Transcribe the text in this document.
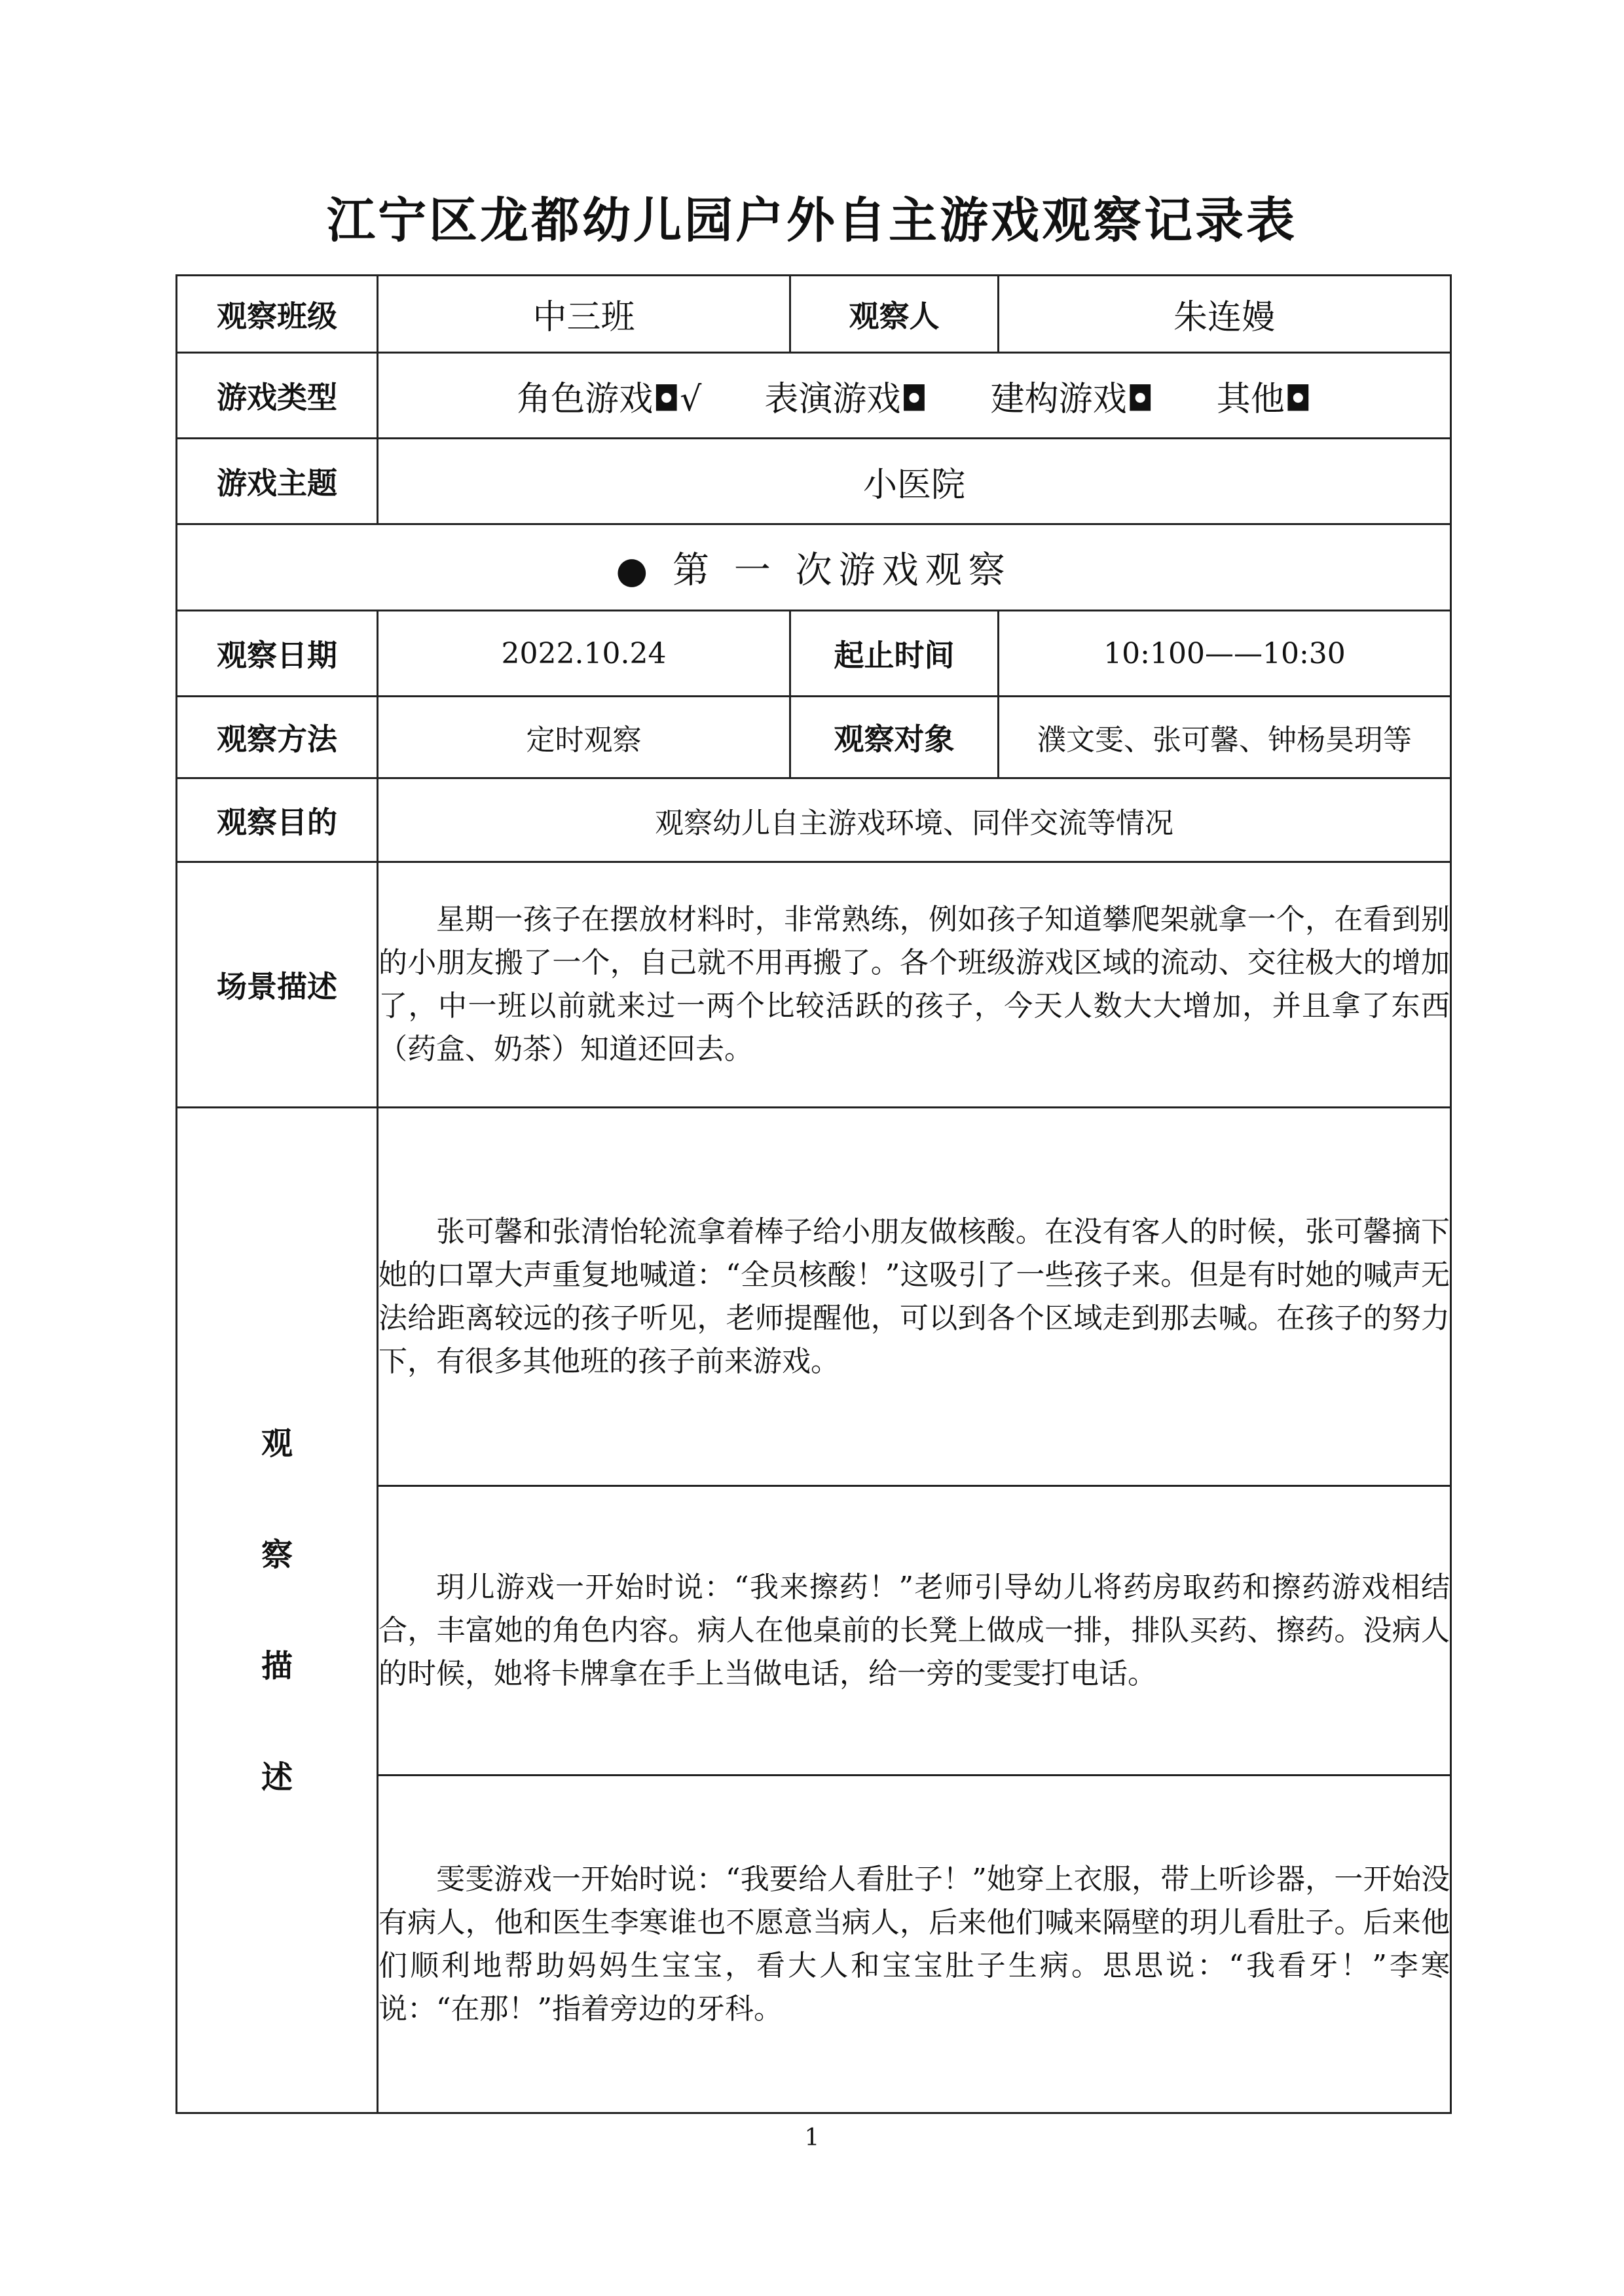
江宁区龙都幼儿园户外自主游戏观察记录表
观察班级	中三班	观察人	朱连嫚
游戏类型	角色游戏◘√ 表演游戏◘ 建构游戏◘ 其他◘		
游戏主题	小医院		
● 第 一 次游戏观察			
观察日期	2022.10.24	起止时间	10:100——10:30
观察方法	定时观察	观察对象	濮文雯、张可馨、钟杨昊玥等
观察目的	观察幼儿自主游戏环境、同伴交流等情况		
场景描述	星期一孩子在摆放材料时，非常熟练，例如孩子知道攀爬架就拿一个，在看到别的小朋友搬了一个，自己就不用再搬了。各个班级游戏区域的流动、交往极大的增加了，中一班以前就来过一两个比较活跃的孩子，今天人数大大增加，并且拿了东西（药盒、奶茶）知道还回去。		

观
察
描
述	张可馨和张清怡轮流拿着棒子给小朋友做核酸。在没有客人的时候，张可馨摘下她的口罩大声重复地喊道：“全员核酸！”这吸引了一些孩子来。但是有时她的喊声无法给距离较远的孩子听见，老师提醒他，可以到各个区域走到那去喊。在孩子的努力下，有很多其他班的孩子前来游戏。		
	玥儿游戏一开始时说：“我来擦药！”老师引导幼儿将药房取药和擦药游戏相结合，丰富她的角色内容。病人在他桌前的长凳上做成一排，排队买药、擦药。没病人的时候，她将卡牌拿在手上当做电话，给一旁的雯雯打电话。		
	雯雯游戏一开始时说：“我要给人看肚子！”她穿上衣服，带上听诊器，一开始没有病人，他和医生李寒谁也不愿意当病人，后来他们喊来隔壁的玥儿看肚子。后来他们顺利地帮助妈妈生宝宝，看大人和宝宝肚子生病。思思说：“我看牙！”李寒说：“在那！”指着旁边的牙科。		
1
